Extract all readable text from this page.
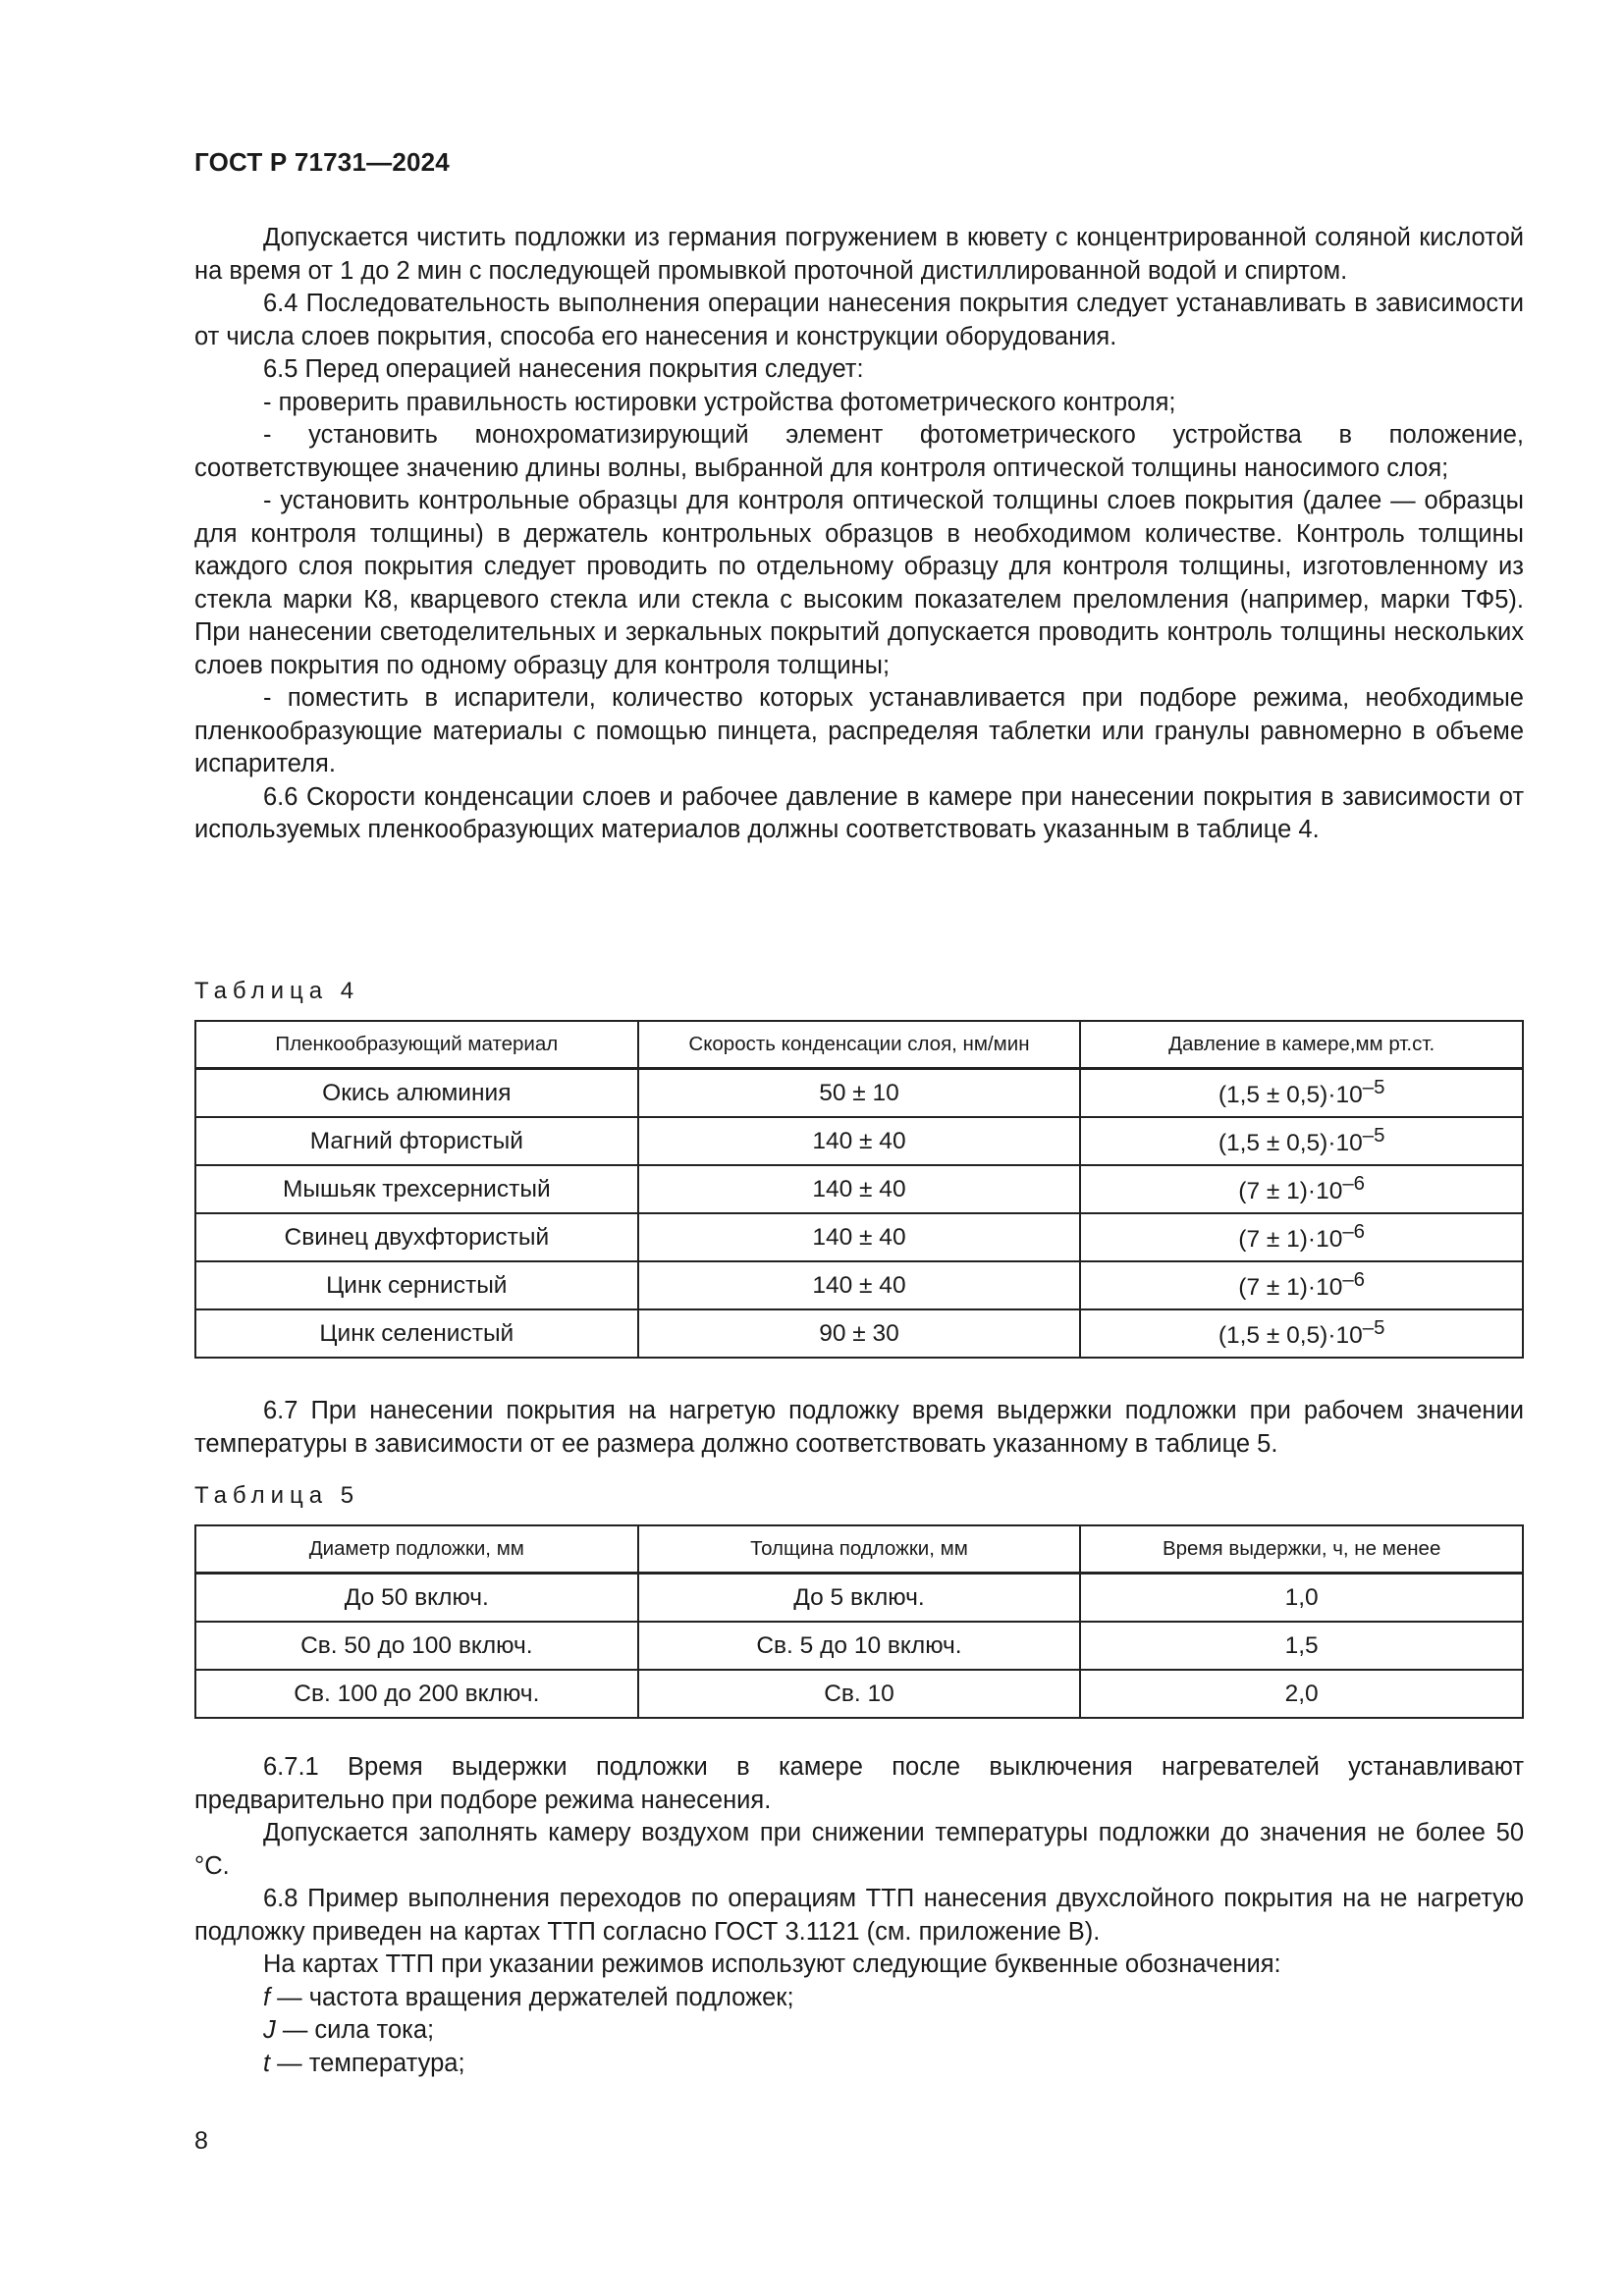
ГОСТ Р 71731—2024

Допускается чистить подложки из германия погружением в кювету с концентрированной соляной кислотой на время от 1 до 2 мин с последующей промывкой проточной дистиллированной водой и спиртом.

6.4 Последовательность выполнения операции нанесения покрытия следует устанавливать в зависимости от числа слоев покрытия, способа его нанесения и конструкции оборудования.

6.5 Перед операцией нанесения покрытия следует:

- проверить правильность юстировки устройства фотометрического контроля;

- установить монохроматизирующий элемент фотометрического устройства в положение, соответствующее значению длины волны, выбранной для контроля оптической толщины наносимого слоя;

- установить контрольные образцы для контроля оптической толщины слоев покрытия (далее — образцы для контроля толщины) в держатель контрольных образцов в необходимом количестве. Контроль толщины каждого слоя покрытия следует проводить по отдельному образцу для контроля толщины, изготовленному из стекла марки К8, кварцевого стекла или стекла с высоким показателем преломления (например, марки ТФ5). При нанесении светоделительных и зеркальных покрытий допускается проводить контроль толщины нескольких слоев покрытия по одному образцу для контроля толщины;

- поместить в испарители, количество которых устанавливается при подборе режима, необходимые пленкообразующие материалы с помощью пинцета, распределяя таблетки или гранулы равномерно в объеме испарителя.

6.6 Скорости конденсации слоев и рабочее давление в камере при нанесении покрытия в зависимости от используемых пленкообразующих материалов должны соответствовать указанным в таблице 4.

Таблица 4
Пленкообразующий материал	Скорость конденсации слоя, нм/мин	Давление в камере,мм рт.ст.
Окись алюминия	50 ± 10	$(1,5 \pm 0,5)\cdot 10^{-5}$
Магний фтористый	140 ± 40	$(1,5 \pm 0,5)\cdot 10^{-5}$
Мышьяк трехсернистый	140 ± 40	$(7 \pm 1)\cdot 10^{-6}$
Свинец двухфтористый	140 ± 40	$(7 \pm 1)\cdot 10^{-6}$
Цинк сернистый	140 ± 40	$(7 \pm 1)\cdot 10^{-6}$
Цинк селенистый	90 ± 30	$(1,5 \pm 0,5)\cdot 10^{-5}$

6.7 При нанесении покрытия на нагретую подложку время выдержки подложки при рабочем значении температуры в зависимости от ее размера должно соответствовать указанному в таблице 5.

Таблица 5
Диаметр подложки, мм	Толщина подложки, мм	Время выдержки, ч, не менее
До 50 включ.	До 5 включ.	1,0
Св. 50 до 100 включ.	Св. 5 до 10 включ.	1,5
Св. 100 до 200 включ.	Св. 10	2,0

6.7.1 Время выдержки подложки в камере после выключения нагревателей устанавливают предварительно при подборе режима нанесения.

Допускается заполнять камеру воздухом при снижении температуры подложки до значения не более 50 °С.

6.8 Пример выполнения переходов по операциям ТТП нанесения двухслойного покрытия на не нагретую подложку приведен на картах ТТП согласно ГОСТ 3.1121 (см. приложение В).

На картах ТТП при указании режимов используют следующие буквенные обозначения:

f — частота вращения держателей подложек;

J — сила тока;

t — температура;

8
